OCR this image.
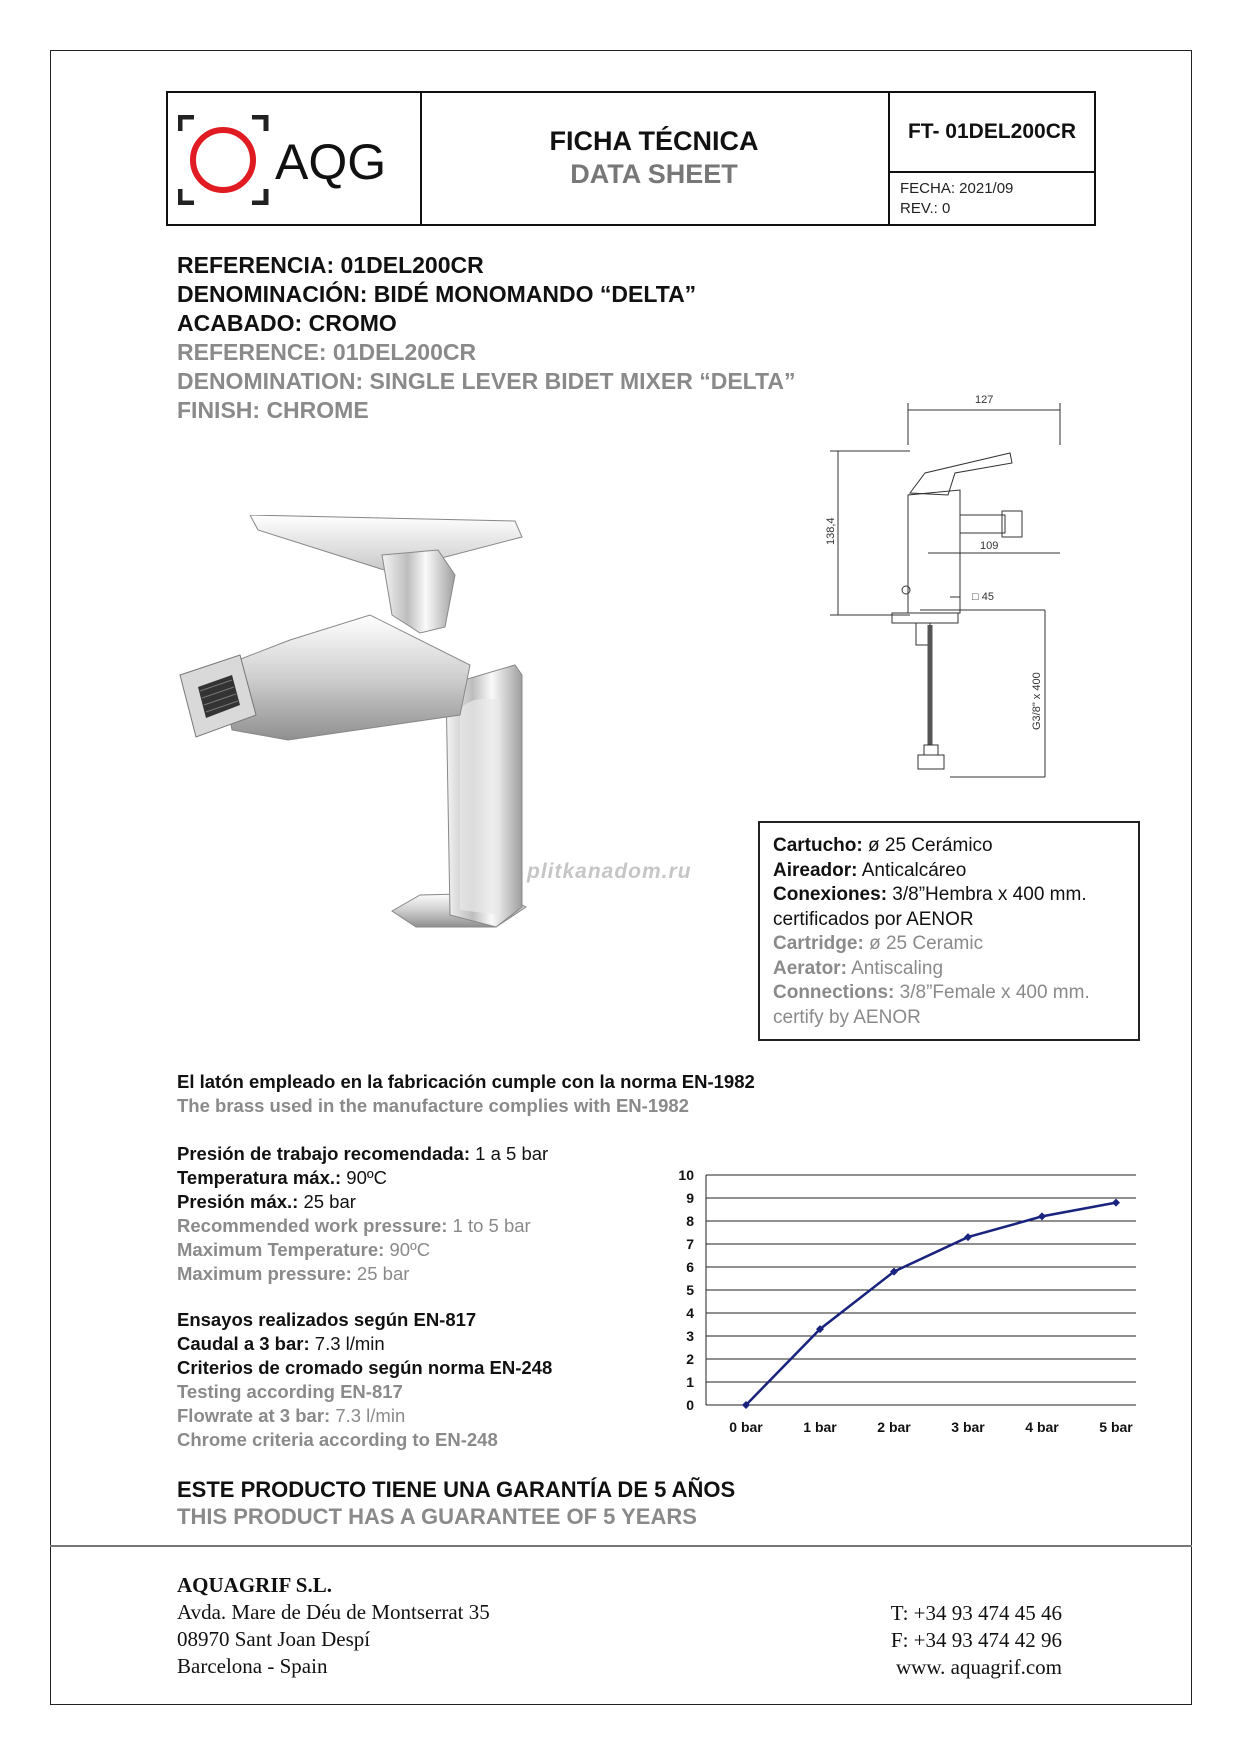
AQG	FICHA TÉCNICA
DATA SHEET
FT- 01DEL200CR
FECHA: 2021/09
REV.: 0
REFERENCIA: 01DEL200CR
DENOMINACIÓN: BIDÉ MONOMANDO “DELTA”
ACABADO: CROMO
REFERENCE: 01DEL200CR
DENOMINATION: SINGLE LEVER BIDET MIXER “DELTA”
FINISH: CHROME	127
138,4
109
□ 45
G3/8" x 400
plitkanadom.ru
Cartucho: ø 25 Cerámico
Aireador: Anticalcáreo
Conexiones: 3/8”Hembra x 400 mm.
certificados por AENOR
Cartridge: ø 25 Ceramic
Aerator: Antiscaling
Connections: 3/8”Female x 400 mm.
certify by AENOR
El latón empleado en la fabricación cumple con la norma EN-1982
The brass used in the manufacture complies with EN-1982
Presión de trabajo recomendada: 1 a 5 bar
Temperatura máx.: 90ºC
Presión máx.: 25 bar
Recommended work pressure: 1 to 5 bar
Maximum Temperature: 90ºC
Maximum pressure: 25 bar
Ensayos realizados según EN-817
Caudal a 3 bar: 7.3 l/min
Criterios de cromado según norma EN-248
Testing according EN-817
Flowrate at 3 bar: 7.3 l/min
Chrome criteria according to EN-248
0
1
2
3
4
5
6
7
8
9
10
0 bar	1 bar	2 bar	3 bar	4 bar	5 bar
ESTE PRODUCTO TIENE UNA GARANTÍA DE 5 AÑOS
THIS PRODUCT HAS A GUARANTEE OF 5 YEARS
AQUAGRIF S.L.
Avda. Mare de Déu de Montserrat 35
08970 Sant Joan Despí
Barcelona - Spain
T: +34 93 474 45 46
F: +34 93 474 42 96
www. aquagrif.com
